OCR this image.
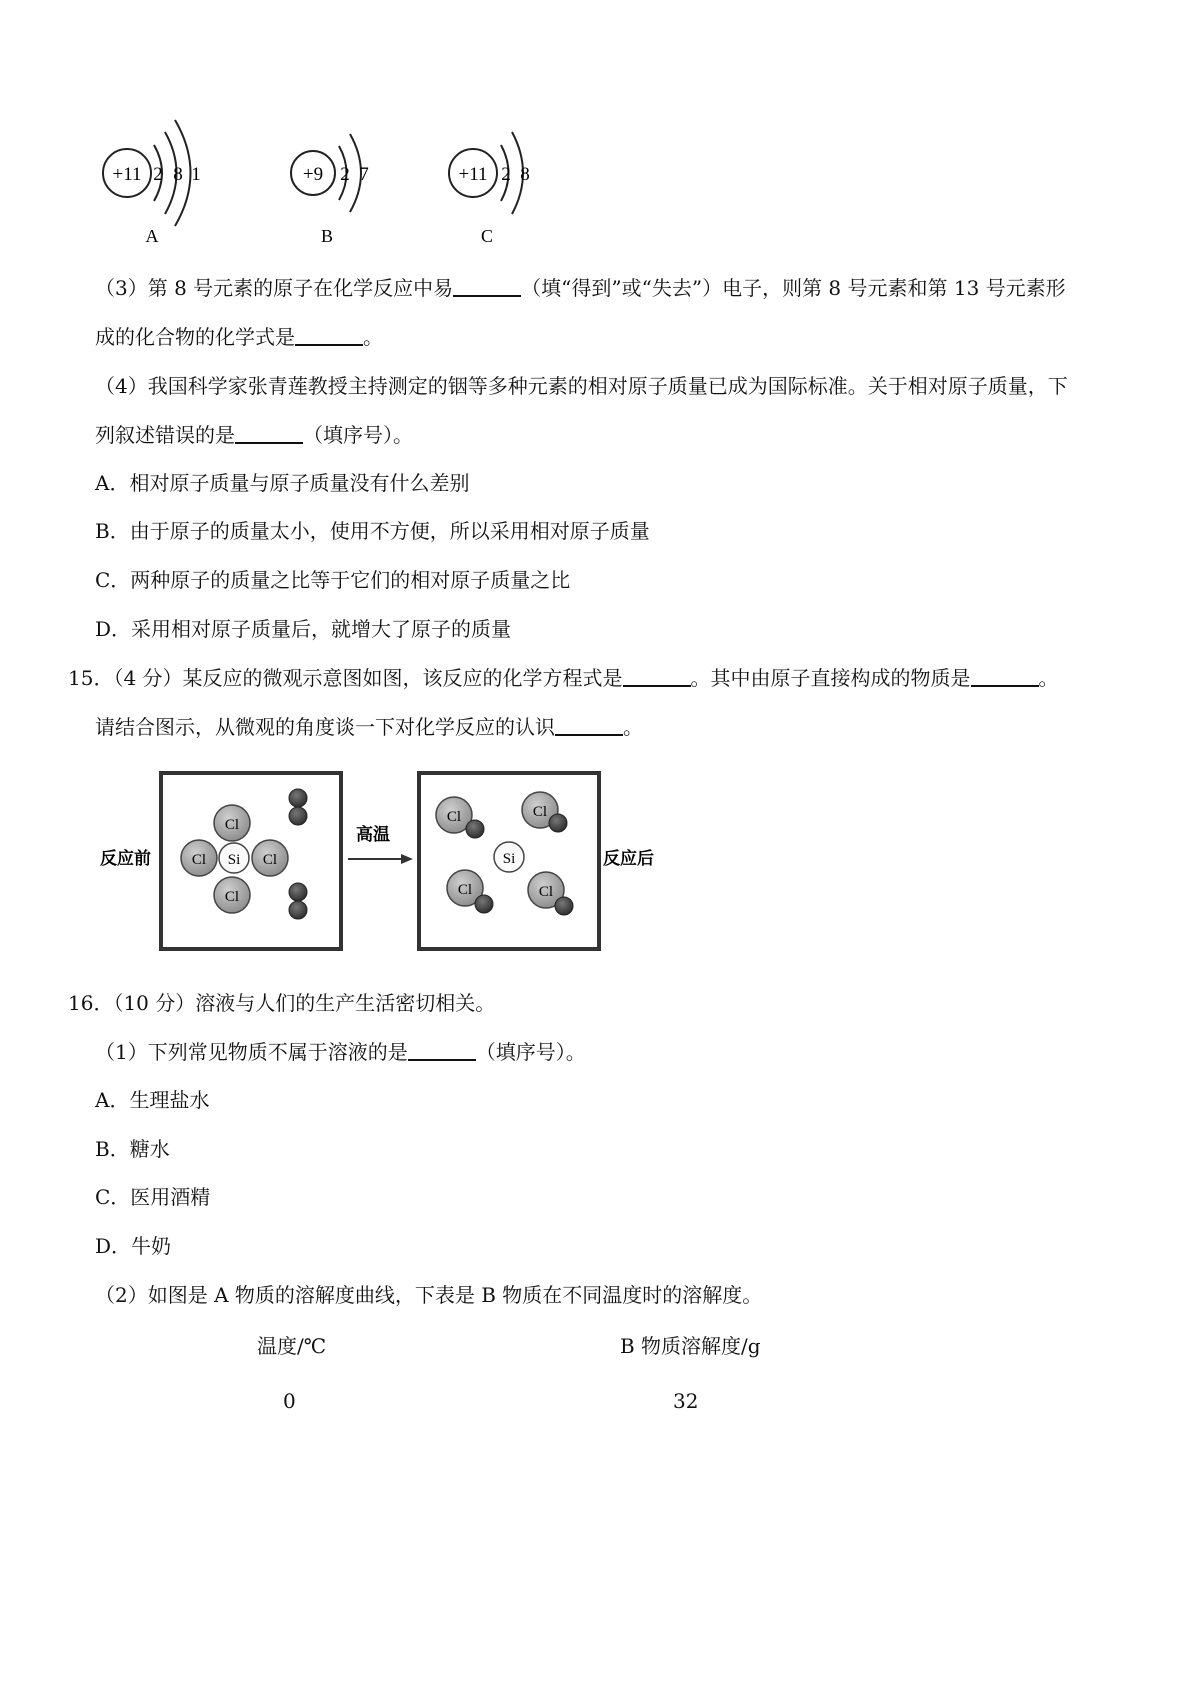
+11 2 8 1
A
+9 2 7
B
+11 2 8
C
（3）第 8 号元素的原子在化学反应中易	（填“得到”或“失去”）电子，则第 8 号元素和第 13 号元素形
成的化合物的化学式是	。
（4）我国科学家张青莲教授主持测定的铟等多种元素的相对原子质量已成为国际标准。关于相对原子质量，下
列叙述错误的是	（填序号）。
A．相对原子质量与原子质量没有什么差别
B．由于原子的质量太小，使用不方便，所以采用相对原子质量
C．两种原子的质量之比等于它们的相对原子质量之比
D．采用相对原子质量后，就增大了原子的质量
15．（4 分）某反应的微观示意图如图，该反应的化学方程式是	。其中由原子直接构成的物质是	。
请结合图示，从微观的角度谈一下对化学反应的认识	。
反应前
Cl
Cl	Cl
Cl
Si
高温
反应后
Cl	Cl
Si
Cl	Cl
16．（10 分）溶液与人们的生产生活密切相关。
（1）下列常见物质不属于溶液的是	（填序号）。
A．生理盐水
B．糖水
C．医用酒精
D．牛奶
（2）如图是 A 物质的溶解度曲线，下表是 B 物质在不同温度时的溶解度。
温度/℃	B 物质溶解度/g
0	32
